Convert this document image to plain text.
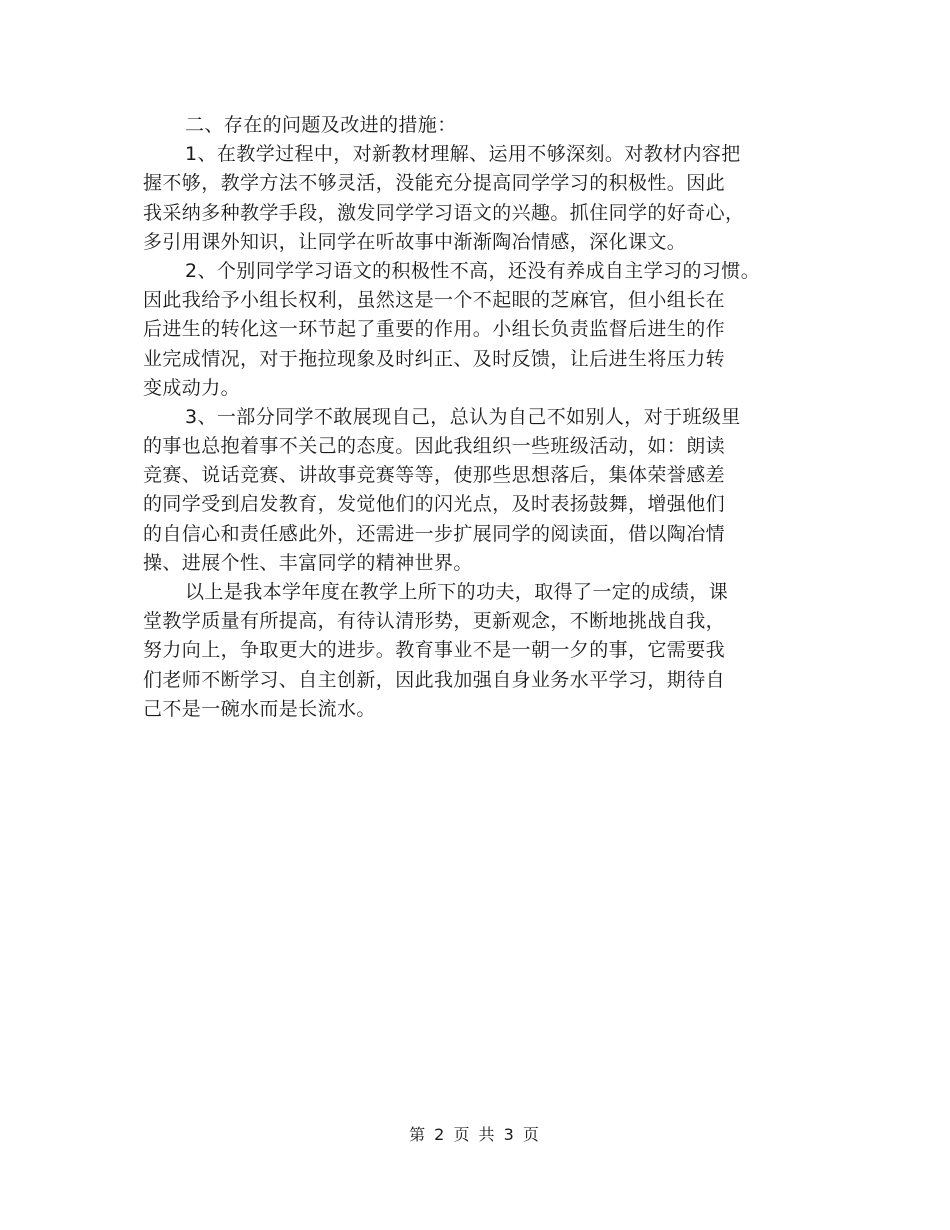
二、存在的问题及改进的措施：
1、在教学过程中，对新教材理解、运用不够深刻。对教材内容把
握不够，教学方法不够灵活，没能充分提高同学学习的积极性。因此
我采纳多种教学手段，激发同学学习语文的兴趣。抓住同学的好奇心，
多引用课外知识，让同学在听故事中渐渐陶冶情感，深化课文。
2、个别同学学习语文的积极性不高，还没有养成自主学习的习惯。
因此我给予小组长权利，虽然这是一个不起眼的芝麻官，但小组长在
后进生的转化这一环节起了重要的作用。小组长负责监督后进生的作
业完成情况，对于拖拉现象及时纠正、及时反馈，让后进生将压力转
变成动力。
3、一部分同学不敢展现自己，总认为自己不如别人，对于班级里
的事也总抱着事不关己的态度。因此我组织一些班级活动，如：朗读
竞赛、说话竞赛、讲故事竞赛等等，使那些思想落后，集体荣誉感差
的同学受到启发教育，发觉他们的闪光点，及时表扬鼓舞，增强他们
的自信心和责任感此外，还需进一步扩展同学的阅读面，借以陶冶情
操、进展个性、丰富同学的精神世界。
以上是我本学年度在教学上所下的功夫，取得了一定的成绩，课
堂教学质量有所提高，有待认清形势，更新观念，不断地挑战自我，
努力向上，争取更大的进步。教育事业不是一朝一夕的事，它需要我
们老师不断学习、自主创新，因此我加强自身业务水平学习，期待自
己不是一碗水而是长流水。
第 2 页 共 3 页
